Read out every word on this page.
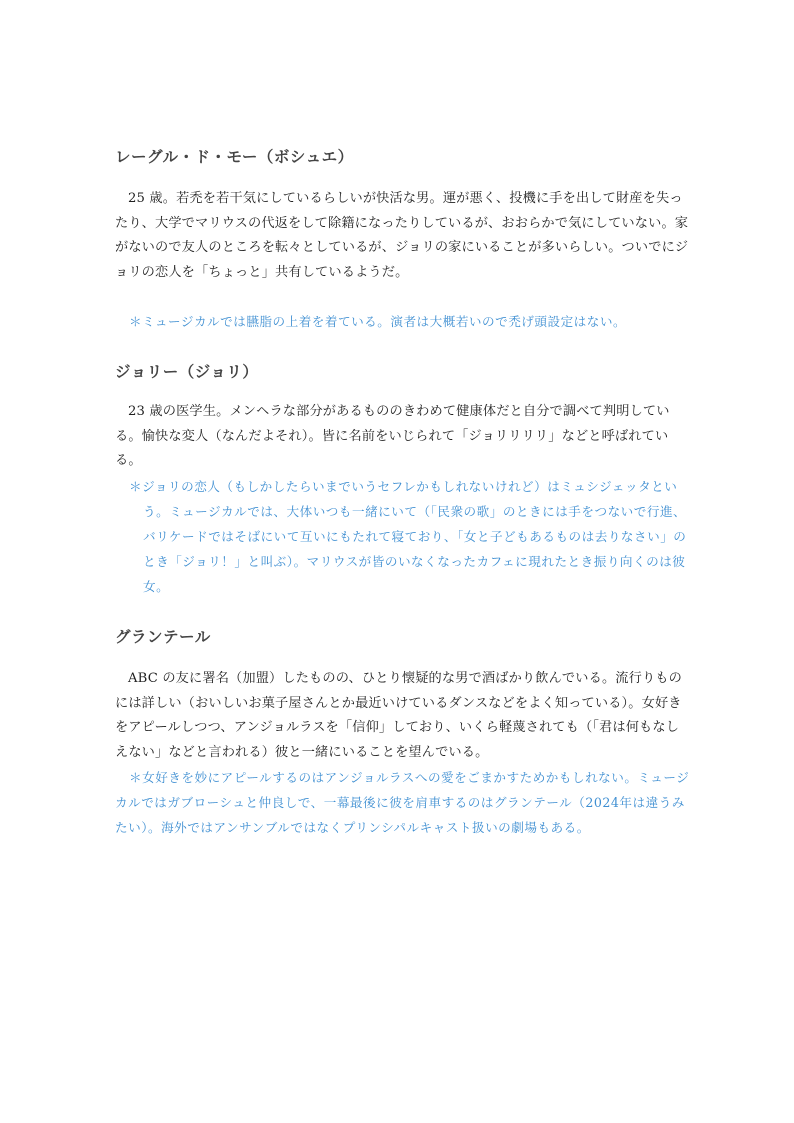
レーグル・ド・モー（ボシュエ）

25 歳。若禿を若干気にしているらしいが快活な男。運が悪く、投機に手を出して財産を失ったり、大学でマリウスの代返をして除籍になったりしているが、おおらかで気にしていない。家がないので友人のところを転々としているが、ジョリの家にいることが多いらしい。ついでにジョリの恋人を「ちょっと」共有しているようだ。

＊ミュージカルでは臙脂の上着を着ている。演者は大概若いので禿げ頭設定はない。

ジョリー（ジョリ）

23 歳の医学生。メンヘラな部分があるもののきわめて健康体だと自分で調べて判明している。愉快な変人（なんだよそれ）。皆に名前をいじられて「ジョリリリリ」などと呼ばれている。

＊ジョリの恋人（もしかしたらいまでいうセフレかもしれないけれど）はミュシジェッタという。ミュージカルでは、大体いつも一緒にいて（「民衆の歌」のときには手をつないで行進、バリケードではそばにいて互いにもたれて寝ており、「女と子どもあるものは去りなさい」のとき「ジョリ！」と叫ぶ）。マリウスが皆のいなくなったカフェに現れたとき振り向くのは彼女。

グランテール

ABC の友に署名（加盟）したものの、ひとり懐疑的な男で酒ばかり飲んでいる。流行りものには詳しい（おいしいお菓子屋さんとか最近いけているダンスなどをよく知っている）。女好きをアピールしつつ、アンジョルラスを「信仰」しており、いくら軽蔑されても（「君は何もなしえない」などと言われる）彼と一緒にいることを望んでいる。

＊女好きを妙にアピールするのはアンジョルラスへの愛をごまかすためかもしれない。ミュージカルではガブローシュと仲良しで、一幕最後に彼を肩車するのはグランテール（2024年は違うみたい）。海外ではアンサンブルではなくプリンシパルキャスト扱いの劇場もある。
